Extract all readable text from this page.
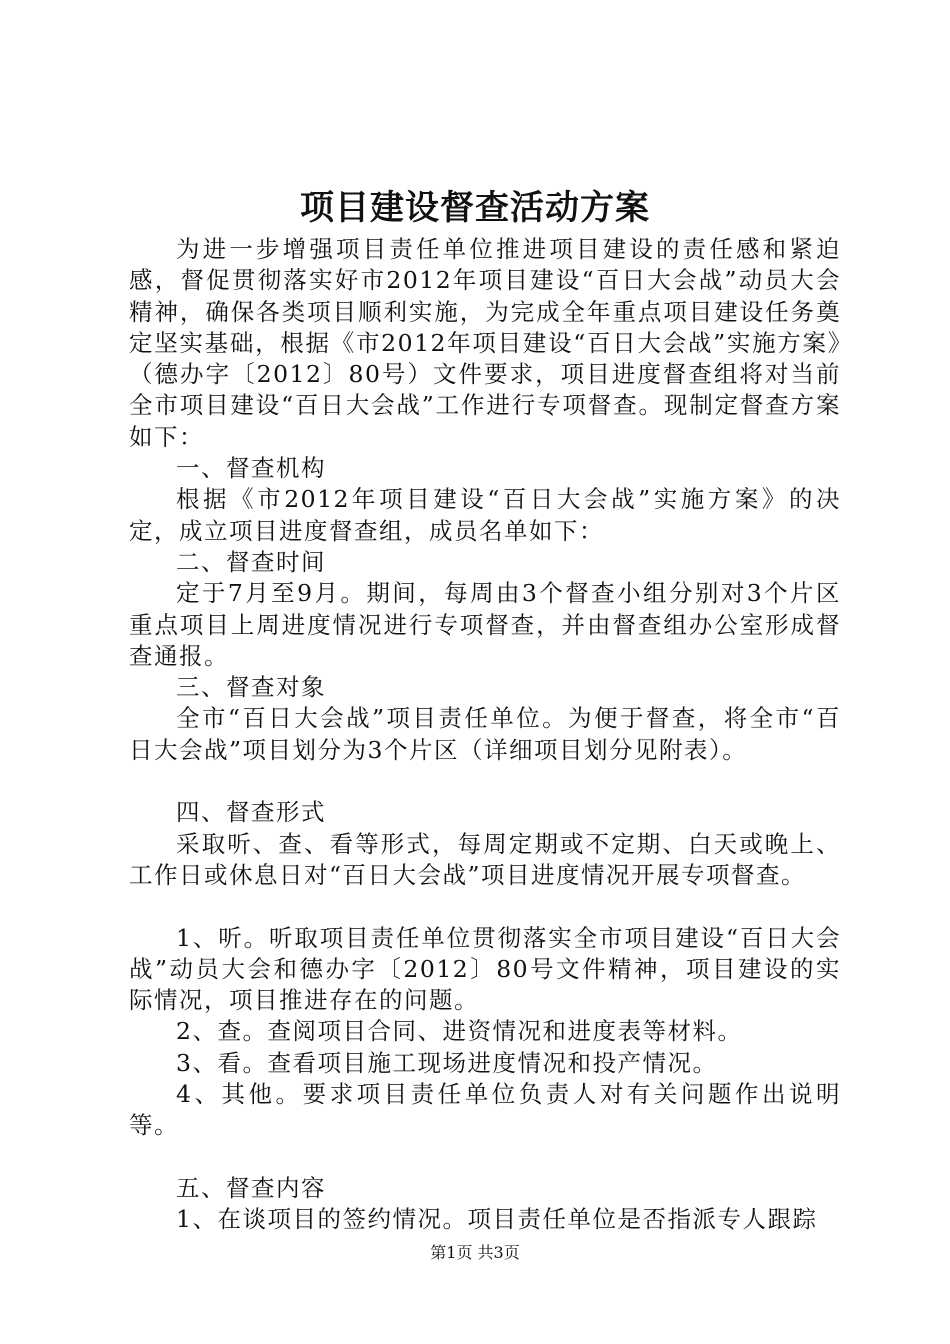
项目建设督查活动方案

为进一步增强项目责任单位推进项目建设的责任感和紧迫感，督促贯彻落实好市2012年项目建设“百日大会战”动员大会精神，确保各类项目顺利实施，为完成全年重点项目建设任务奠定坚实基础，根据《市2012年项目建设“百日大会战”实施方案》（德办字〔2012〕80号）文件要求，项目进度督查组将对当前全市项目建设“百日大会战”工作进行专项督查。现制定督查方案如下：

一、督查机构

根据《市2012年项目建设“百日大会战”实施方案》的决定，成立项目进度督查组，成员名单如下：

二、督查时间

定于7月至9月。期间，每周由3个督查小组分别对3个片区重点项目上周进度情况进行专项督查，并由督查组办公室形成督查通报。

三、督查对象

全市“百日大会战”项目责任单位。为便于督查，将全市“百日大会战”项目划分为3个片区（详细项目划分见附表）。

四、督查形式

采取听、查、看等形式，每周定期或不定期、白天或晚上、工作日或休息日对“百日大会战”项目进度情况开展专项督查。

1、听。听取项目责任单位贯彻落实全市项目建设“百日大会战”动员大会和德办字〔2012〕80号文件精神，项目建设的实际情况，项目推进存在的问题。

2、查。查阅项目合同、进资情况和进度表等材料。

3、看。查看项目施工现场进度情况和投产情况。

4、其他。要求项目责任单位负责人对有关问题作出说明等。

五、督查内容

1、在谈项目的签约情况。项目责任单位是否指派专人跟踪

第1页 共3页
